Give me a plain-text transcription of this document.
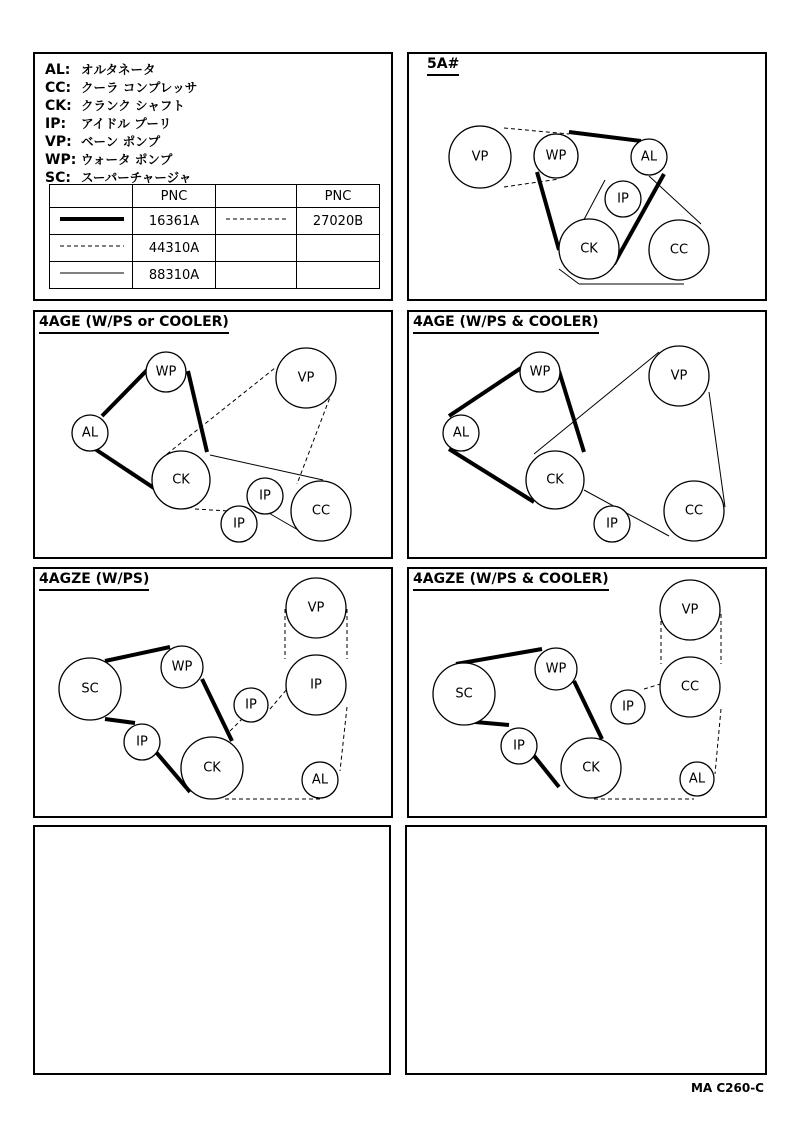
AL: オルタネータ
CC: クーラ コンプレッサ
CK: クランク シャフト
IP: アイドル プーリ
VP: ベーン ポンプ
WP: ウォータ ポンプ
SC: スーパーチャージャ
	PNC		PNC
	16361A		27020B
	44310A		
	88310A		
VP	WP	AL
IP
CK	CC
5A#
WP	VP
AL
CK
IP
CC
IP
4AGE (W/PS or COOLER)
WP	VP
AL
CK
CC
IP
4AGE (W/PS & COOLER)
VP
SC
WP
IP
IP
IP
CK
AL
4AGZE (W/PS)
VP
SC
WP
CC
IP
IP
CK
AL
4AGZE (W/PS & COOLER)
MA C260-C
